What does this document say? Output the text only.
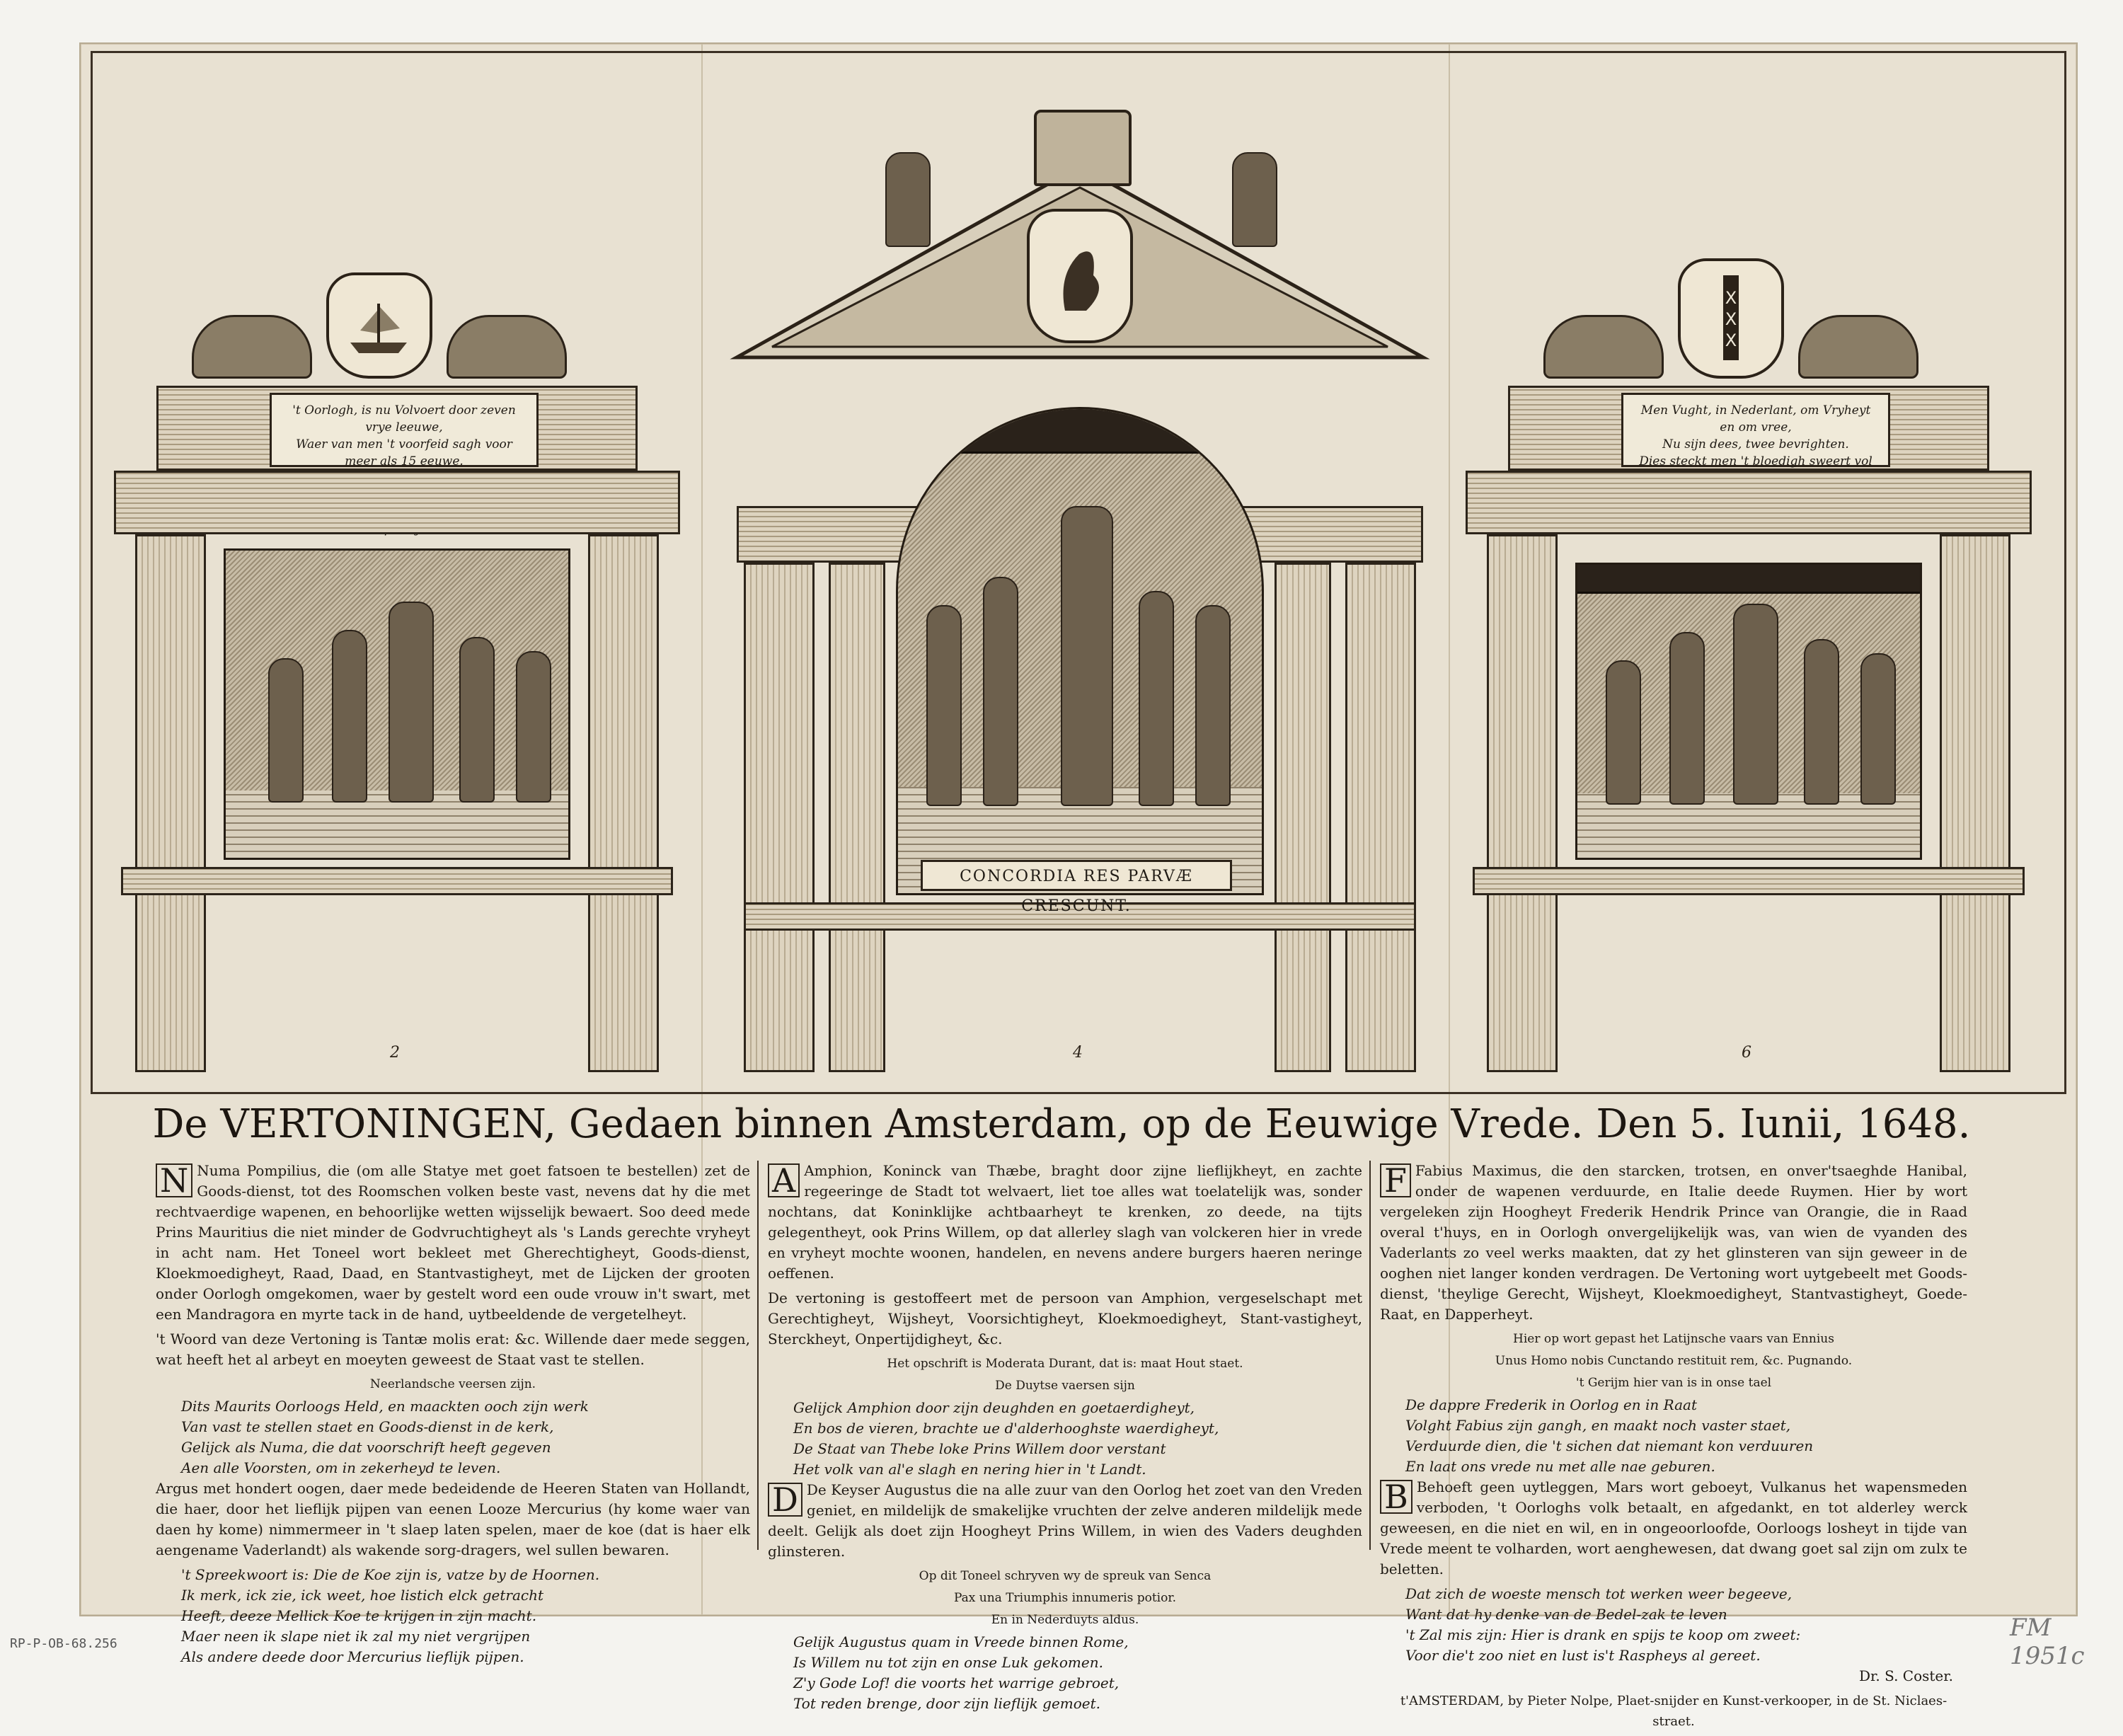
't Oorlogh, is nu Volvoert door zeven vrye leeuwe,

Waer van men 't voorfeid sagh voor meer als 15 eeuwe.

2	4
CONCORDIA RES PARVÆ CRESCUNT.
X
X
X

Men Vught, in Nederlant, om Vryheyt en om vree,

Nu sijn dees, twee bevrighten.

Dies steckt men 't bloedigh sweert vol

6
De VERTONINGEN, Gedaen binnen Amsterdam, op de Eeuwige Vrede. Den 5. Iunii, 1648.

N Numa Pompilius, die (om alle Statye met goet fatsoen te bestellen) zet de Goods-dienst, tot des Roomschen volken beste vast, nevens dat hy die met rechtvaerdige wapenen, en behoorlijke wetten wijsselijk bewaert. Soo deed mede Prins Mauritius die niet minder de Godvruchtigheyt als 's Lands gerechte vryheyt in acht nam. Het Toneel wort bekleet met Gherechtigheyt, Goods-dienst, Kloekmoedigheyt, Raad, Daad, en Stantvastigheyt, met de Lijcken der grooten onder Oorlogh omgekomen, waer by gestelt word een oude vrouw in't swart, met een Mandragora en myrte tack in de hand, uytbeeldende de vergetelheyt.

't Woord van deze Vertoning is Tantæ molis erat: &c. Willende daer mede seggen, wat heeft het al arbeyt en moeyten geweest de Staat vast te stellen.

Neerlandsche veersen zijn.

Dits Maurits Oorloogs Held, en maackten ooch zijn werk

Van vast te stellen staet en Goods-dienst in de kerk,

Gelijck als Numa, die dat voorschrift heeft gegeven

Aen alle Voorsten, om in zekerheyd te leven.

Argus met hondert oogen, daer mede bedeidende de Heeren Staten van Hollandt, die haer, door het lieflijk pijpen van eenen Looze Mercurius (hy kome waer van daen hy kome) nimmermeer in 't slaep laten spelen, maer de koe (dat is haer elk aengename Vaderlandt) als wakende sorg-dragers, wel sullen bewaren.

't Spreekwoort is: Die de Koe zijn is, vatze by de Hoornen.

Ik merk, ick zie, ick weet, hoe listich elck getracht

Heeft, deeze Mellick Koe te krijgen in zijn macht.

Maer neen ik slape niet ik zal my niet vergrijpen

Als andere deede door Mercurius lieflijk pijpen.

A Amphion, Koninck van Thæbe, braght door zijne lieflijkheyt, en zachte regeeringe de Stadt tot welvaert, liet toe alles wat toelatelijk was, sonder nochtans, dat Koninklijke achtbaarheyt te krenken, zo deede, na tijts gelegentheyt, ook Prins Willem, op dat allerley slagh van volckeren hier in vrede en vryheyt mochte woonen, handelen, en nevens andere burgers haeren neringe oeffenen.

De vertoning is gestoffeert met de persoon van Amphion, vergeselschapt met Gerechtigheyt, Wijsheyt, Voorsichtigheyt, Kloekmoedigheyt, Stant-vastigheyt, Sterckheyt, Onpertijdigheyt, &c.

Het opschrift is Moderata Durant, dat is: maat Hout staet.

De Duytse vaersen sijn

Gelijck Amphion door zijn deughden en goetaerdigheyt,

En bos de vieren, brachte ue d'alderhooghste waerdigheyt,

De Staat van Thebe loke Prins Willem door verstant

Het volk van al'e slagh en nering hier in 't Landt.

D De Keyser Augustus die na alle zuur van den Oorlog het zoet van den Vreden geniet, en mildelijk de smakelijke vruchten der zelve anderen mildelijk mede deelt. Gelijk als doet zijn Hoogheyt Prins Willem, in wien des Vaders deughden glinsteren.

Op dit Toneel schryven wy de spreuk van Senca

Pax una Triumphis innumeris potior.

En in Nederduyts aldus.

Gelijk Augustus quam in Vreede binnen Rome,

Is Willem nu tot zijn en onse Luk gekomen.

Z'y Gode Lof! die voorts het warrige gebroet,

Tot reden brenge, door zijn lieflijk gemoet.

F Fabius Maximus, die den starcken, trotsen, en onver'tsaeghde Hanibal, onder de wapenen verduurde, en Italie deede Ruymen. Hier by wort vergeleken zijn Hoogheyt Frederik Hendrik Prince van Orangie, die in Raad overal t'huys, en in Oorlogh onvergelijkelijk was, van wien de vyanden des Vaderlants zo veel werks maakten, dat zy het glinsteren van sijn geweer in de ooghen niet langer konden verdragen. De Vertoning wort uytgebeelt met Goods-dienst, 'theylige Gerecht, Wijsheyt, Kloekmoedigheyt, Stantvastigheyt, Goede-Raat, en Dapperheyt.

Hier op wort gepast het Latijnsche vaars van Ennius

Unus Homo nobis Cunctando restituit rem, &c. Pugnando.

't Gerijm hier van is in onse tael

De dappre Frederik in Oorlog en in Raat

Volght Fabius zijn gangh, en maakt noch vaster staet,

Verduurde dien, die 't sichen dat niemant kon verduuren

En laat ons vrede nu met alle nae geburen.

B Behoeft geen uytleggen, Mars wort geboeyt, Vulkanus het wapensmeden verboden, 't Oorloghs volk betaalt, en afgedankt, en tot alderley werck geweesen, en die niet en wil, en in ongeoorloofde, Oorloogs losheyt in tijde van Vrede meent te volharden, wort aenghewesen, dat dwang goet sal zijn om zulx te beletten.

Dat zich de woeste mensch tot werken weer begeeve,

Want dat hy denke van de Bedel-zak te leven

't Zal mis zijn: Hier is drank en spijs te koop om zweet:

Voor die't zoo niet en lust is't Raspheys al gereet.

Dr. S. Coster.

t'AMSTERDAM, by Pieter Nolpe, Plaet-snijder en Kunst-verkooper, in de St. Niclaes-straet.

RP-P-OB-68.256
FM 1951c
